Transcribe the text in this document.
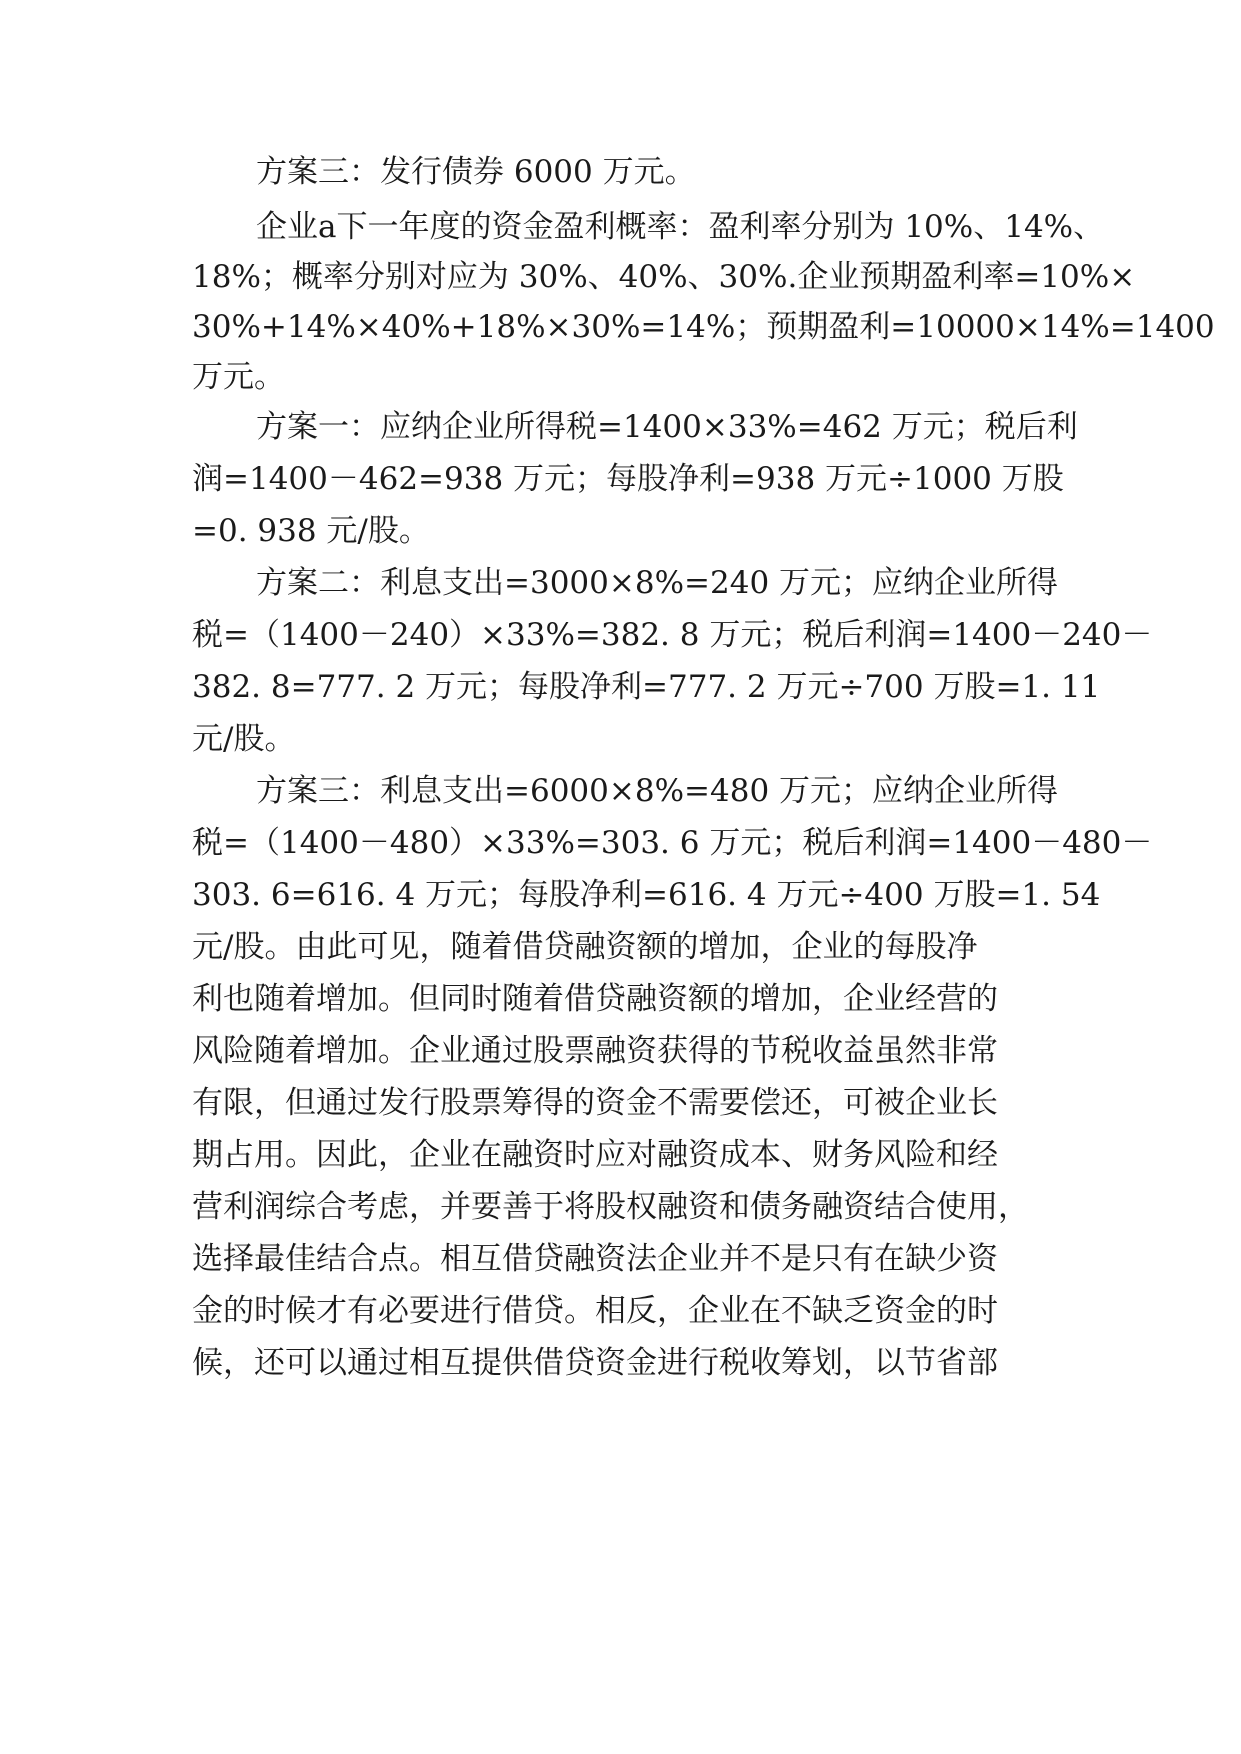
方案三：发行债券 6000 万元。
企业a下一年度的资金盈利概率：盈利率分别为 10%、14%、
18%；概率分别对应为 30%、40%、30%.企业预期盈利率=10%×
30%+14%×40%+18%×30%=14%；预期盈利=10000×14%=1400
万元。
方案一：应纳企业所得税=1400×33%=462 万元；税后利
润=1400－462=938 万元；每股净利=938 万元÷1000 万股
=0. 938 元/股。
方案二：利息支出=3000×8%=240 万元；应纳企业所得
税=（1400－240）×33%=382. 8 万元；税后利润=1400－240－
382. 8=777. 2 万元；每股净利=777. 2 万元÷700 万股=1. 11
元/股。
方案三：利息支出=6000×8%=480 万元；应纳企业所得
税=（1400－480）×33%=303. 6 万元；税后利润=1400－480－
303. 6=616. 4 万元；每股净利=616. 4 万元÷400 万股=1. 54
元/股。由此可见，随着借贷融资额的增加，企业的每股净
利也随着增加。但同时随着借贷融资额的增加，企业经营的
风险随着增加。企业通过股票融资获得的节税收益虽然非常
有限，但通过发行股票筹得的资金不需要偿还，可被企业长
期占用。因此，企业在融资时应对融资成本、财务风险和经
营利润综合考虑，并要善于将股权融资和债务融资结合使用，
选择最佳结合点。相互借贷融资法企业并不是只有在缺少资
金的时候才有必要进行借贷。相反，企业在不缺乏资金的时
候，还可以通过相互提供借贷资金进行税收筹划，以节省部
